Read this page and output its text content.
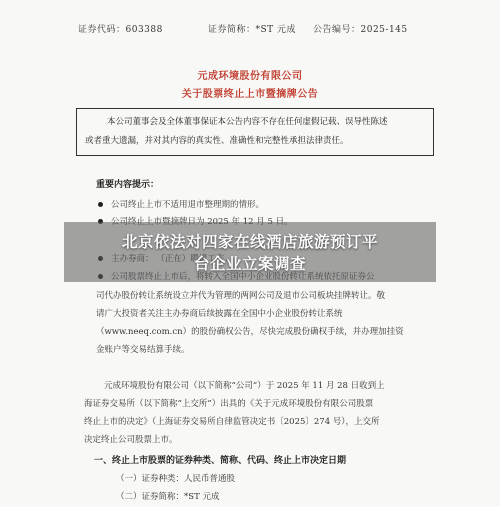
证券代码：603388	证券简称：*ST 元成 公告编号：2025-145
元成环境股份有限公司
关于股票终止上市暨摘牌公告

本公司董事会及全体董事保证本公告内容不存在任何虚假记载、误导性陈述

或者重大遗漏，并对其内容的真实性、准确性和完整性承担法律责任。

重要内容提示：
公司终止上市不适用退市整理期的情形。
司代办股份转让系统设立并代为管理的两网公司及退市公司板块挂牌转让。敬
请广大投资者关注主办券商后续披露在全国中小企业股份转让系统
（www.neeq.com.cn）的股份确权公告，尽快完成股份确权手续，并办理加挂资
金账户等交易结算手续。
元成环境股份有限公司（以下简称“公司”）于 2025 年 11 月 28 日收到上
海证券交易所（以下简称“上交所”）出具的《关于元成环境股份有限公司股票
终止上市的决定》（上海证券交易所自律监管决定书〔2025〕274 号），上交所
决定终止公司股票上市。
一、终止上市股票的证券种类、简称、代码、终止上市决定日期
（一）证券种类：人民币普通股
（二）证券简称：*ST 元成
北京依法对四家在线酒店旅游预订平
台企业立案调查
